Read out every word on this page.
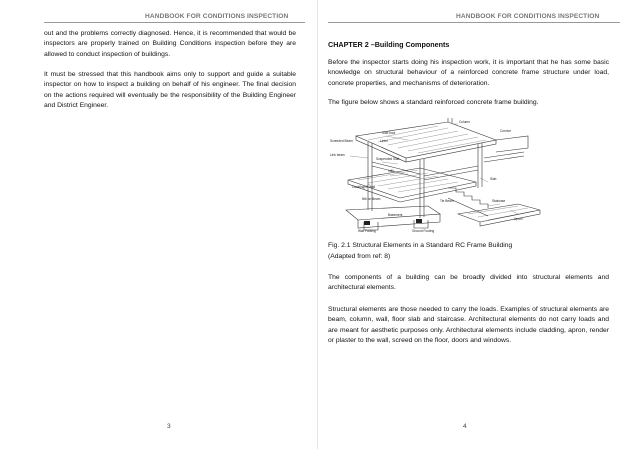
HANDBOOK FOR CONDITIONS INSPECTION

out and the problems correctly diagnosed. Hence, it is recommended that would be inspectors are properly trained on Building Conditions inspection before they are allowed to conduct inspection of buildings.

It must be stressed that this handbook aims only to support and guide a suitable inspector on how to inspect a building on behalf of his engineer. The final decision on the actions required will eventually be the responsibility of the Building Engineer and District Engineer.

3
HANDBOOK FOR CONDITIONS INSPECTION
CHAPTER 2 –Building Components

Before the inspector starts doing his inspection work, it is important that he has some basic knowledge on structural behaviour of a reinforced concrete frame structure under load, concrete properties, and mechanisms of deterioration.

The figure below shows a standard reinforced concrete frame building.

Column
Cornice
Slab floor
Lintel
Screeded Beam
Link beam
Suspended Slab
Infill
Cladding to Wall
Nib on Beam
Slab
Staircase
Tie Beam
Basement
Wall Footing	Ground Footing
Apron
Fig. 2.1 Structural Elements in a Standard RC Frame Building
(Adapted from ref: 8)

The components of a building can be broadly divided into structural elements and architectural elements.

Structural elements are those needed to carry the loads. Examples of structural elements are beam, column, wall, floor slab and staircase. Architectural elements do not carry loads and are meant for aesthetic purposes only. Architectural elements include cladding, apron, render or plaster to the wall, screed on the floor, doors and windows.

4
